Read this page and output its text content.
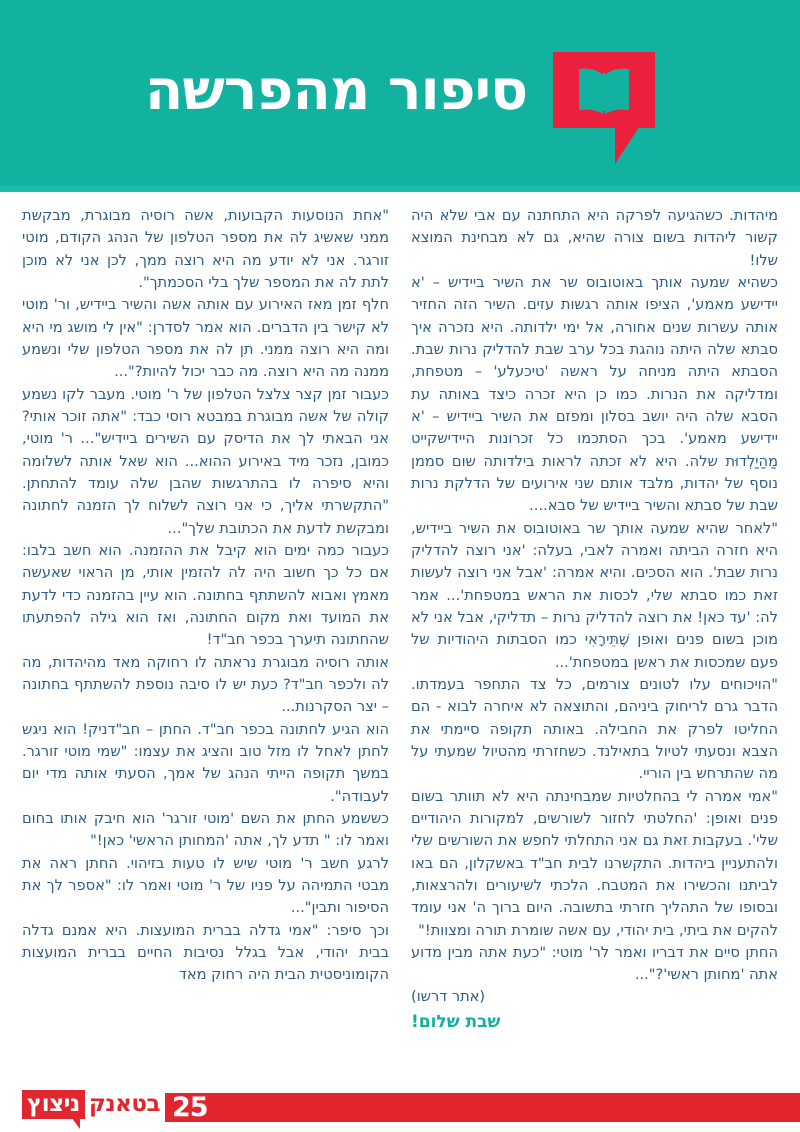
סיפור מהפרשה

מיהדות. כשהגיעה לפרקה היא התחתנה עם אבי שלא היה קשור ליהדות בשום צורה שהיא, גם לא מבחינת המוצא שלו!

כשהיא שמעה אותך באוטובוס שר את השיר ביידיש – 'א יידישע מאמע', הציפו אותה רגשות עזים. השיר הזה החזיר אותה עשרות שנים אחורה, אל ימי ילדותה. היא נזכרה איך סבתא שלה היתה נוהגת בכל ערב שבת להדליק נרות שבת. הסבתא היתה מניחה על ראשה 'טיכעלע' – מטפחת, ומדליקה את הנרות. כמו כן היא זכרה כיצד באותה עת הסבא שלה היה יושב בסלון ומפזם את השיר ביידיש – 'א יידישע מאמע'. בכך הסתכמו כל זכרונות היידישקייט מַהַיַלְדוּת שלה. היא לא זכתה לראות בילדותה שום סממן נוסף של יהדות, מלבד אותם שני אירועים של הדלקת נרות שבת של סבתא והשיר ביידיש של סבא....

"לאחר שהיא שמעה אותך שר באוטובוס את השיר ביידיש, היא חזרה הביתה ואמרה לאבי, בעלה: 'אני רוצה להדליק נרות שבת'. הוא הסכים. והיא אמרה: 'אבל אני רוצה לעשות זאת כמו סבתא שלי, לכסות את הראש במטפחת'... אמר לה: 'עד כאן! את רוצה להדליק נרות – תדליקי, אבל אני לא מוכן בשום פנים ואופן שֶׁתֵּירָאִי כמו הסבתות היהודיות של פעם שמכסות את ראשן במטפחת'...

"הויכוחים עלו לטונים צורמים, כל צד התחפר בעמדתו. הדבר גרם לריחוק ביניהם, והתוצאה לא איחרה לבוא - הם החליטו לפרק את החבילה. באותה תקופה סיימתי את הצבא ונסעתי לטיול בתאילנד. כשחזרתי מהטיול שמעתי על מה שהתרחש בין הוריי.

"אמי אמרה לי בהחלטיות שמבחינתה היא לא תוותר בשום פנים ואופן: 'החלטתי לחזור לשורשים, למקורות היהודיים שלי'. בעקבות זאת גם אני התחלתי לחפש את השורשים שלי ולהתעניין ביהדות. התקשרנו לבית חב"ד באשקלון, הם באו לביתנו והכשירו את המטבח. הלכתי לשיעורים ולהרצאות, ובסופו של התהליך חזרתי בתשובה. היום ברוך ה' אני עומד להקים את ביתי, בית יהודי, עם אשה שומרת תורה ומצוות!"

החתן סיים את דבריו ואמר לר' מוטי: "כעת אתה מבין מדוע אתה 'מחותן ראשי'?"...

(אתר דרשו)

שבת שלום!

"אחת הנוסעות הקבועות, אשה רוסיה מבוגרת, מבקשת ממני שאשיג לה את מספר הטלפון של הנהג הקודם, מוטי זורגר. אני לא יודע מה היא רוצה ממך, לכן אני לא מוכן לתת לה את המספר שלך בלי הסכמתך".

חלף זמן מאז האירוע עם אותה אשה והשיר ביידיש, ור' מוטי לא קישר בין הדברים. הוא אמר לסדרן: "אין לי מושג מי היא ומה היא רוצה ממני. תן לה את מספר הטלפון שלי ונשמע ממנה מה היא רוצה. מה כבר יכול להיות?"...

כעבור זמן קצר צלצל הטלפון של ר' מוטי. מעבר לקו נשמע קולה של אשה מבוגרת במבטא רוסי כבד: "אתה זוכר אותי? אני הבאתי לך את הדיסק עם השירים ביידיש"... ר' מוטי, כמובן, נזכר מיד באירוע ההוא... הוא שאל אותה לשלומה והיא סיפרה לו בהתרגשות שהבן שלה עומד להתחתן. "התקשרתי אליך, כי אני רוצה לשלוח לך הזמנה לחתונה ומבקשת לדעת את הכתובת שלך"...

כעבור כמה ימים הוא קיבל את ההזמנה. הוא חשב בלבו: אם כל כך חשוב היה לה להזמין אותי, מן הראוי שאעשה מאמץ ואבוא להשתתף בחתונה. הוא עיין בהזמנה כדי לדעת את המועד ואת מקום החתונה, ואז הוא גילה להפתעתו שהחתונה תיערך בכפר חב"ד!

אותה רוסיה מבוגרת נראתה לו רחוקה מאד מהיהדות, מה לה ולכפר חב"ד? כעת יש לו סיבה נוספת להשתתף בחתונה – יצר הסקרנות...

הוא הגיע לחתונה בכפר חב"ד. החתן – חב"דניק! הוא ניגש לחתן לאחל לו מזל טוב והציג את עצמו: "שמי מוטי זורגר. במשך תקופה הייתי הנהג של אמך, הסעתי אותה מדי יום לעבודה".

כששמע החתן את השם 'מוטי זורגר' הוא חיבק אותו בחום ואמר לו: " תדע לך, אתה 'המחותן הראשי' כאן!"

לרגע חשב ר' מוטי שיש לו טעות בזיהוי. החתן ראה את מבטי התמיהה על פניו של ר' מוטי ואמר לו: "אספר לך את הסיפור ותבין"...

וכך סיפר: "אמי גדלה בברית המועצות. היא אמנם גדלה בבית יהודי, אבל בגלל נסיבות החיים בברית המועצות הקומוניסטית הבית היה רחוק מאד

25
ניצוץ בטאנק
